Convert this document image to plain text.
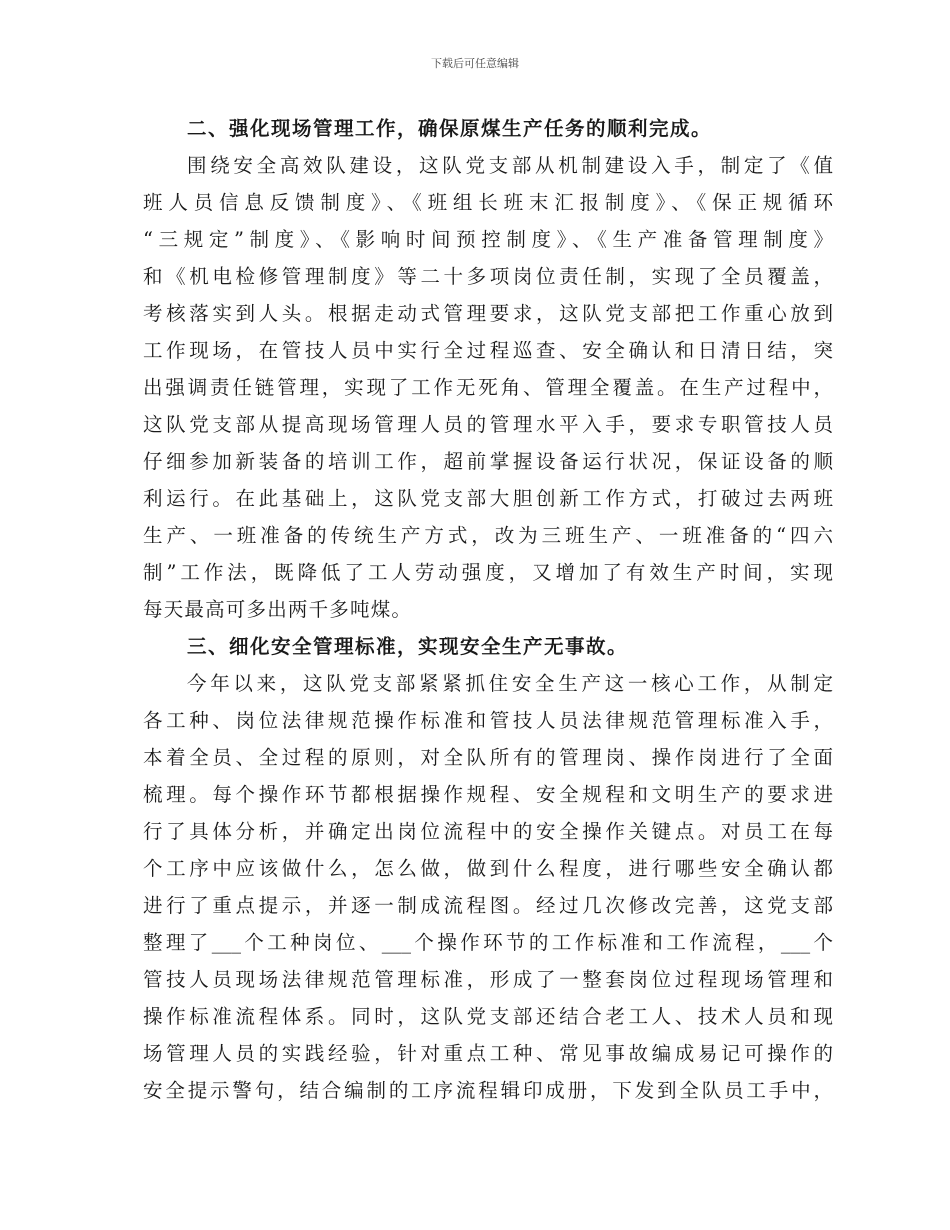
下载后可任意编辑
二、强化现场管理工作，确保原煤生产任务的顺利完成。
围绕安全高效队建设，这队党支部从机制建设入手，制定了《值
班人员信息反馈制度》、《班组长班末汇报制度》、《保正规循环
“三规定”制度》、《影响时间预控制度》、《生产准备管理制度》
和《机电检修管理制度》等二十多项岗位责任制，实现了全员覆盖，
考核落实到人头。根据走动式管理要求，这队党支部把工作重心放到
工作现场，在管技人员中实行全过程巡查、安全确认和日清日结，突
出强调责任链管理，实现了工作无死角、管理全覆盖。在生产过程中，
这队党支部从提高现场管理人员的管理水平入手，要求专职管技人员
仔细参加新装备的培训工作，超前掌握设备运行状况，保证设备的顺
利运行。在此基础上，这队党支部大胆创新工作方式，打破过去两班
生产、一班准备的传统生产方式，改为三班生产、一班准备的“四六
制”工作法，既降低了工人劳动强度，又增加了有效生产时间，实现
每天最高可多出两千多吨煤。
三、细化安全管理标准，实现安全生产无事故。
今年以来，这队党支部紧紧抓住安全生产这一核心工作，从制定
各工种、岗位法律规范操作标准和管技人员法律规范管理标准入手，
本着全员、全过程的原则，对全队所有的管理岗、操作岗进行了全面
梳理。每个操作环节都根据操作规程、安全规程和文明生产的要求进
行了具体分析，并确定出岗位流程中的安全操作关键点。对员工在每
个工序中应该做什么，怎么做，做到什么程度，进行哪些安全确认都
进行了重点提示，并逐一制成流程图。经过几次修改完善，这党支部
整理了___个工种岗位、___个操作环节的工作标准和工作流程，___个
管技人员现场法律规范管理标准，形成了一整套岗位过程现场管理和
操作标准流程体系。同时，这队党支部还结合老工人、技术人员和现
场管理人员的实践经验，针对重点工种、常见事故编成易记可操作的
安全提示警句，结合编制的工序流程辑印成册，下发到全队员工手中，
